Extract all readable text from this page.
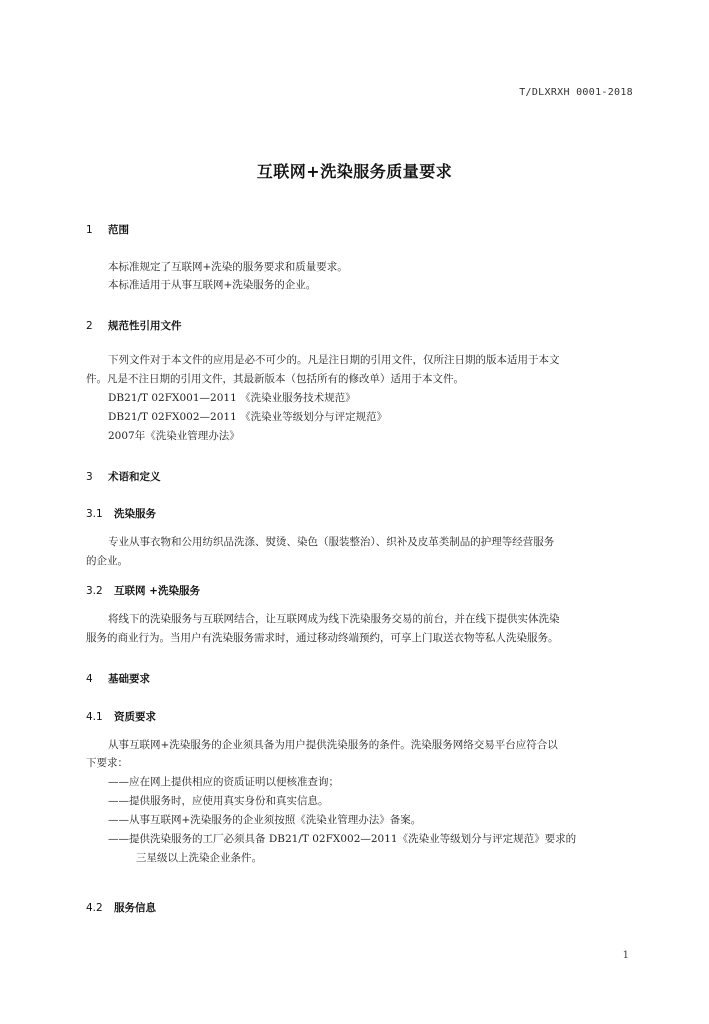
T/DLXRXH 0001-2018
互联网+洗染服务质量要求
1 范围
本标准规定了互联网+洗染的服务要求和质量要求。
本标准适用于从事互联网+洗染服务的企业。
2 规范性引用文件
下列文件对于本文件的应用是必不可少的。凡是注日期的引用文件，仅所注日期的版本适用于本文
件。凡是不注日期的引用文件，其最新版本（包括所有的修改单）适用于本文件。
DB21/T 02FX001—2011 《洗染业服务技术规范》
DB21/T 02FX002—2011 《洗染业等级划分与评定规范》
2007年《洗染业管理办法》
3 术语和定义
3.1 洗染服务
专业从事衣物和公用纺织品洗涤、熨烫、染色（服装整治）、织补及皮革类制品的护理等经营服务
的企业。
3.2 互联网 +洗染服务
将线下的洗染服务与互联网结合，让互联网成为线下洗染服务交易的前台，并在线下提供实体洗染
服务的商业行为。当用户有洗染服务需求时，通过移动终端预约，可享上门取送衣物等私人洗染服务。
4 基础要求
4.1 资质要求
从事互联网+洗染服务的企业须具备为用户提供洗染服务的条件。洗染服务网络交易平台应符合以
下要求：
——应在网上提供相应的资质证明以便核准查询；
——提供服务时，应使用真实身份和真实信息。
——从事互联网+洗染服务的企业须按照《洗染业管理办法》备案。
——提供洗染服务的工厂必须具备 DB21/T 02FX002—2011《洗染业等级划分与评定规范》要求的
三星级以上洗染企业条件。
4.2 服务信息
1
